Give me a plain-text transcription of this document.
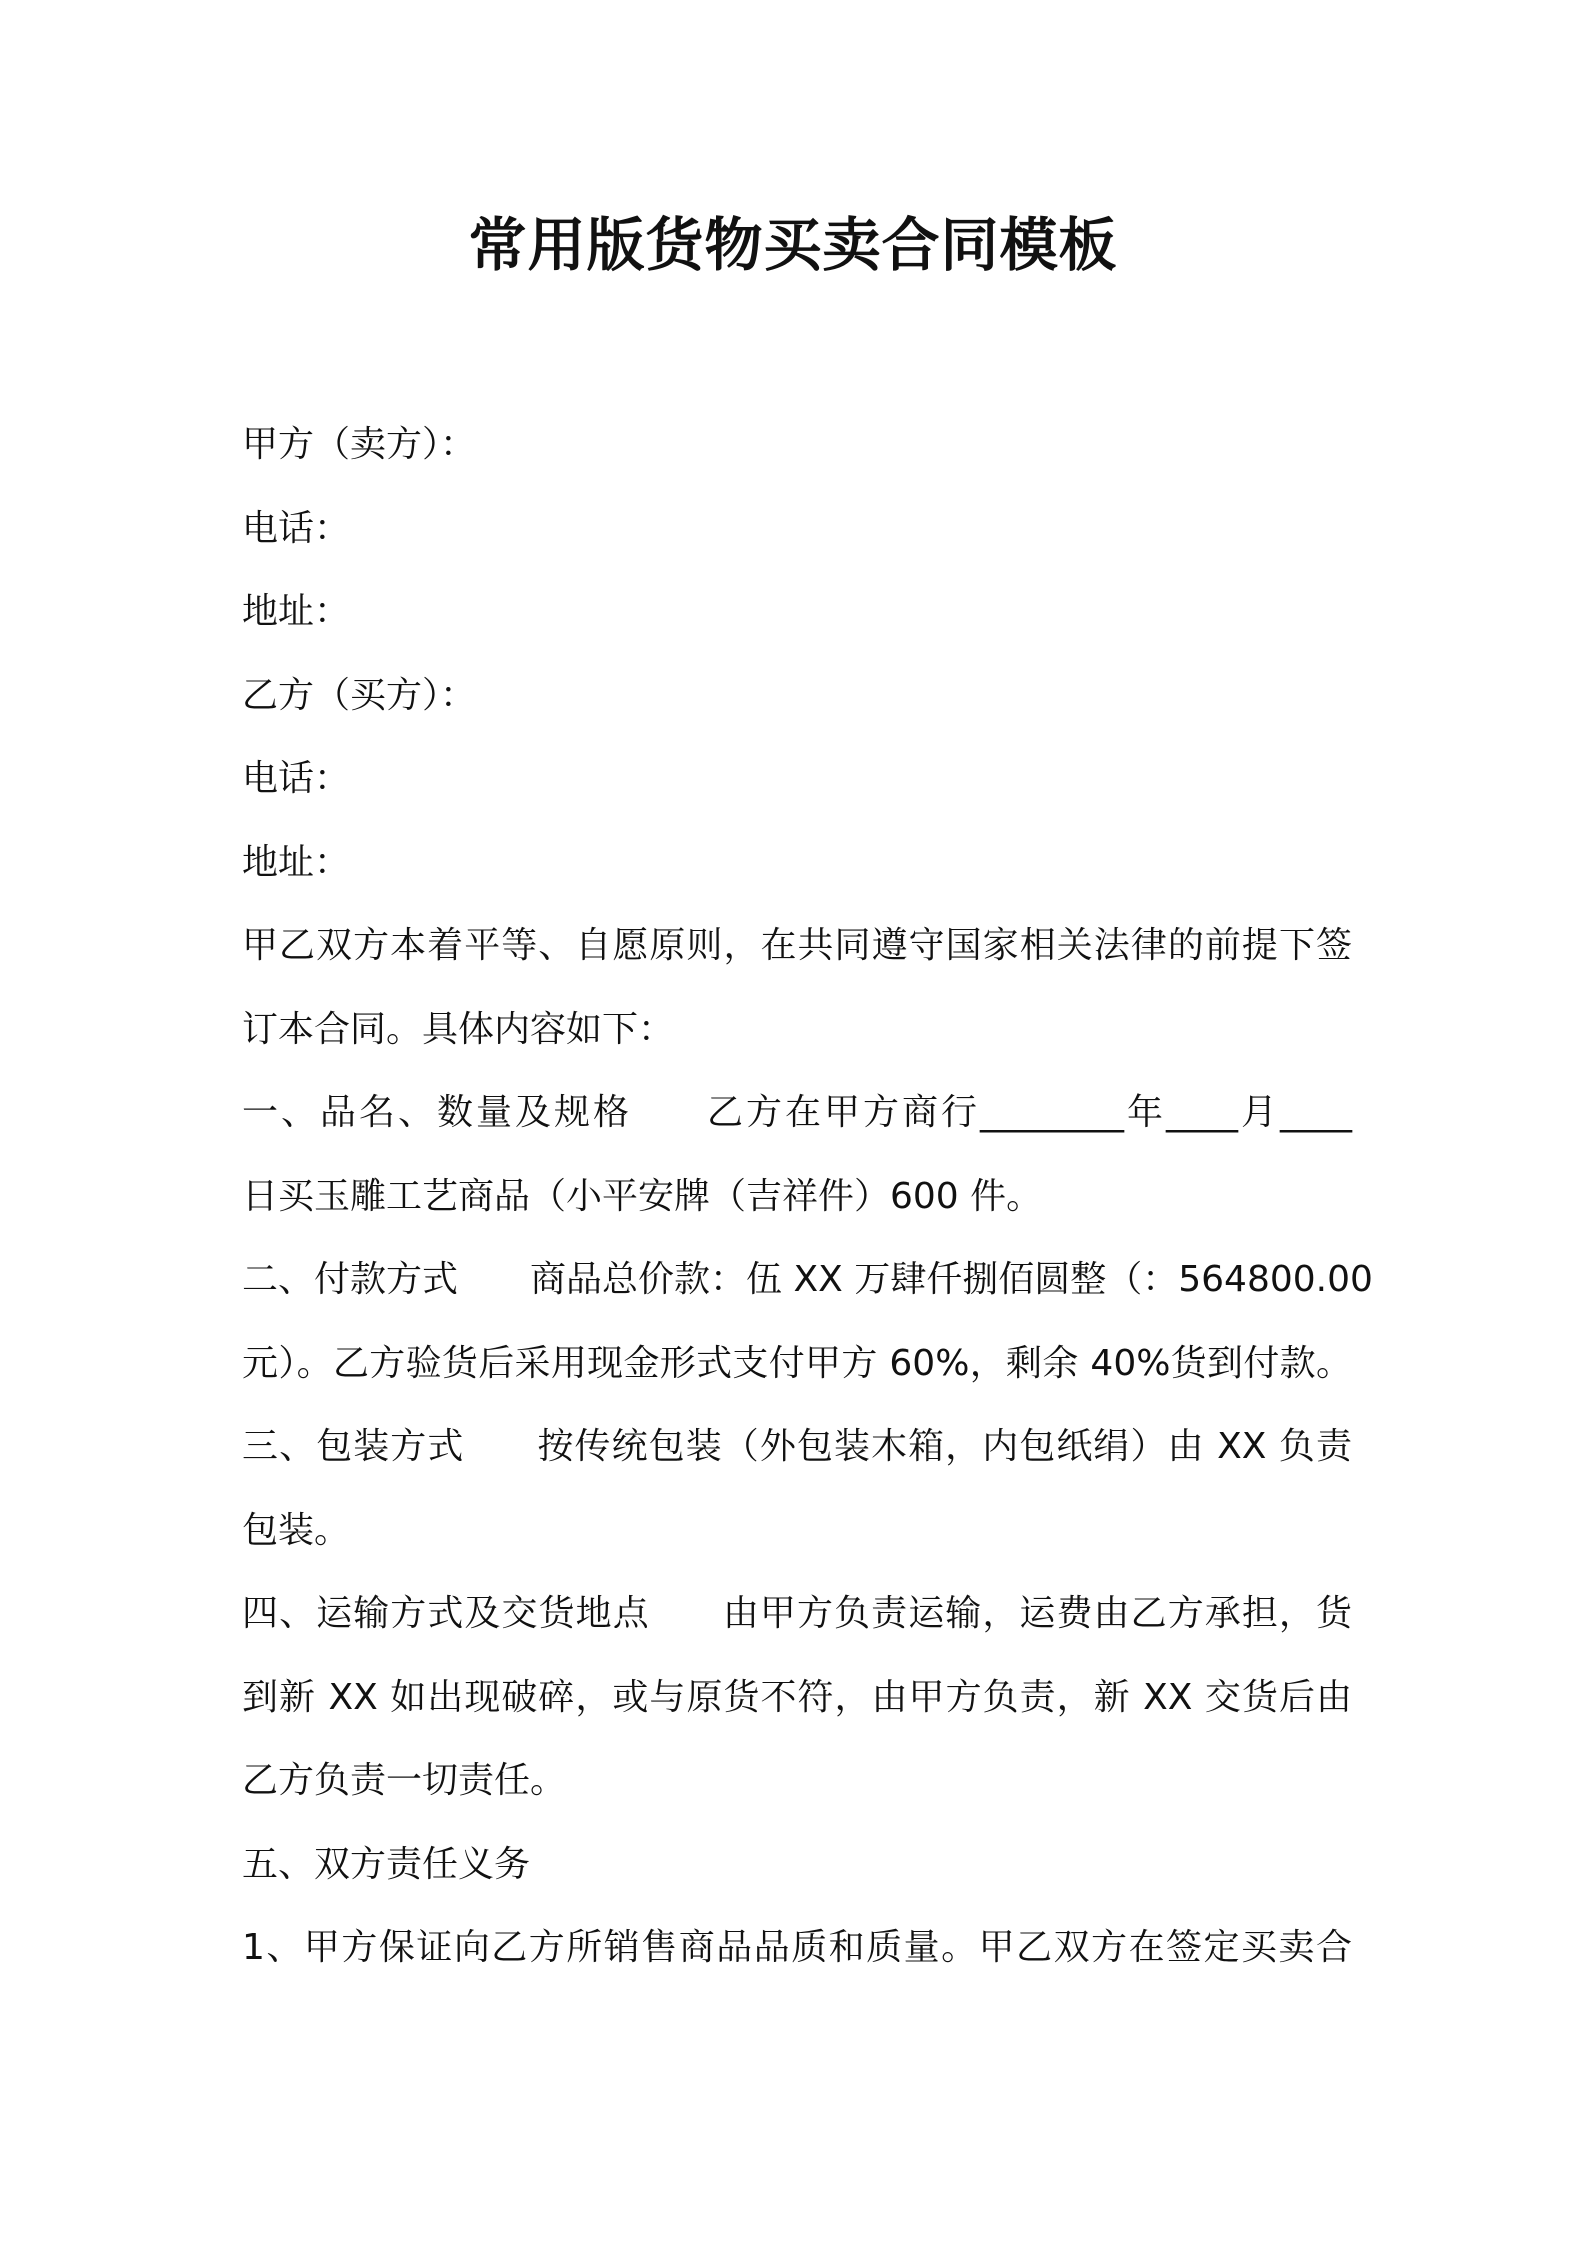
常用版货物买卖合同模板
甲方（卖方）：
电话：
地址：
乙方（买方）：
电话：
地址：
甲乙双方本着平等、自愿原则，在共同遵守国家相关法律的前提下签
订本合同。具体内容如下：
一、品名、数量及规格 乙方在甲方商行________年____月____
日买玉雕工艺商品（小平安牌（吉祥件）600 件。
二、付款方式 商品总价款：伍 XX 万肆仟捌佰圆整（：564800.00
元）。乙方验货后采用现金形式支付甲方 60%，剩余 40%货到付款。
三、包装方式 按传统包装（外包装木箱，内包纸绢）由 XX 负责
包装。
四、运输方式及交货地点 由甲方负责运输，运费由乙方承担，货
到新 XX 如出现破碎，或与原货不符，由甲方负责，新 XX 交货后由
乙方负责一切责任。
五、双方责任义务
1、甲方保证向乙方所销售商品品质和质量。甲乙双方在签定买卖合
